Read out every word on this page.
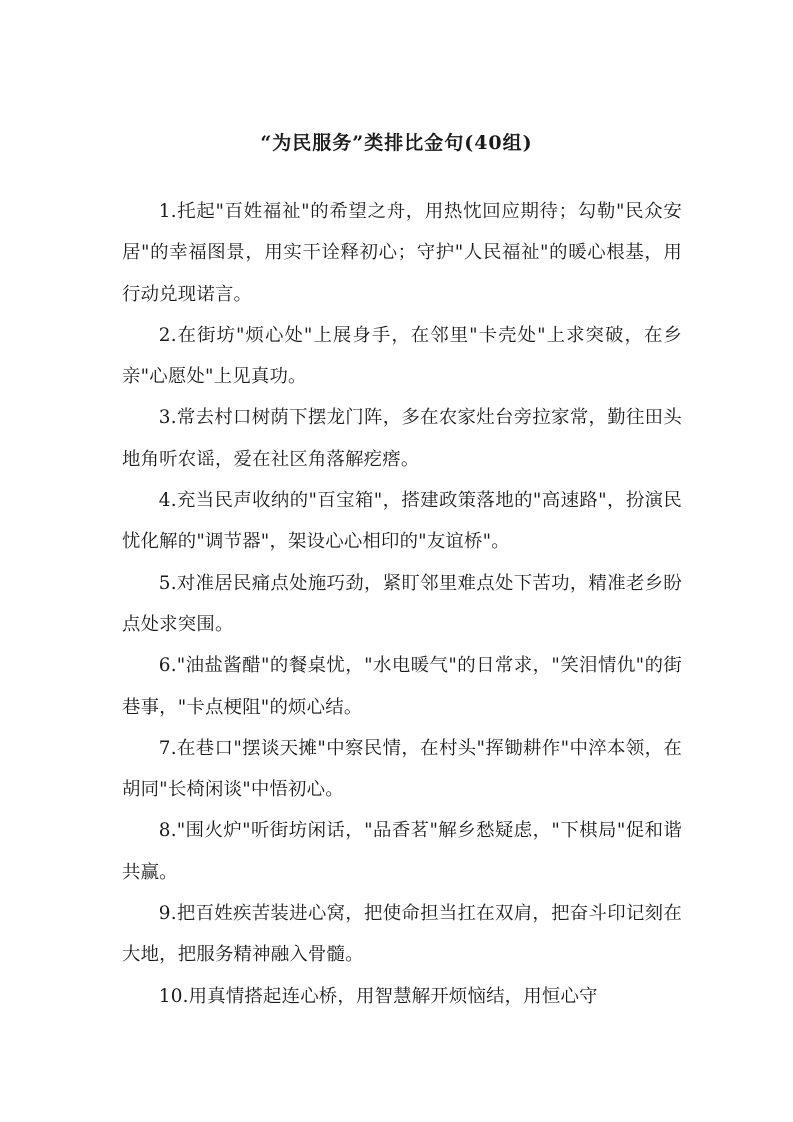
“为民服务”类排比金句(40组)

1.托起"百姓福祉"的希望之舟，用热忱回应期待；勾勒"民众安居"的幸福图景，用实干诠释初心；守护"人民福祉"的暖心根基，用行动兑现诺言。

2.在街坊"烦心处"上展身手，在邻里"卡壳处"上求突破，在乡亲"心愿处"上见真功。

3.常去村口树荫下摆龙门阵，多在农家灶台旁拉家常，勤往田头地角听农谣，爱在社区角落解疙瘩。

4.充当民声收纳的"百宝箱"，搭建政策落地的"高速路"，扮演民忧化解的"调节器"，架设心心相印的"友谊桥"。

5.对准居民痛点处施巧劲，紧盯邻里难点处下苦功，精准老乡盼点处求突围。

6."油盐酱醋"的餐桌忧，"水电暖气"的日常求，"笑泪情仇"的街巷事，"卡点梗阻"的烦心结。

7.在巷口"摆谈天摊"中察民情，在村头"挥锄耕作"中淬本领，在胡同"长椅闲谈"中悟初心。

8."围火炉"听街坊闲话，"品香茗"解乡愁疑虑，"下棋局"促和谐共赢。

9.把百姓疾苦装进心窝，把使命担当扛在双肩，把奋斗印记刻在大地，把服务精神融入骨髓。

10.用真情搭起连心桥，用智慧解开烦恼结，用恒心守
